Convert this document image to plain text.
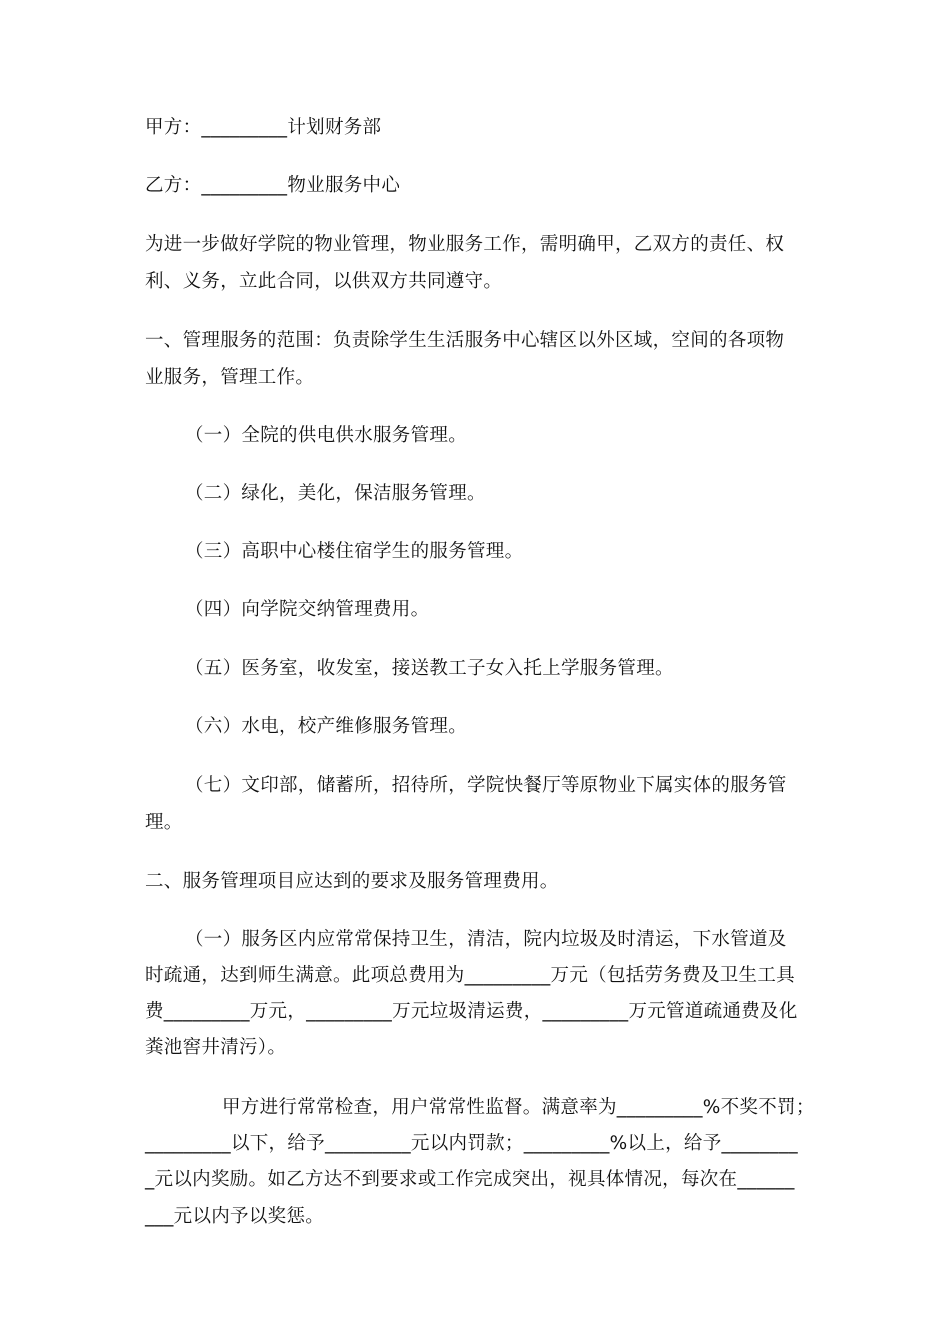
甲方：_________计划财务部
乙方：_________物业服务中心
为进一步做好学院的物业管理，物业服务工作，需明确甲，乙双方的责任、权
利、义务，立此合同，以供双方共同遵守。
一、管理服务的范围：负责除学生生活服务中心辖区以外区域，空间的各项物
业服务，管理工作。
（一）全院的供电供水服务管理。
（二）绿化，美化，保洁服务管理。
（三）高职中心楼住宿学生的服务管理。
（四）向学院交纳管理费用。
（五）医务室，收发室，接送教工子女入托上学服务管理。
（六）水电，校产维修服务管理。
（七）文印部，储蓄所，招待所，学院快餐厅等原物业下属实体的服务管
理。
二、服务管理项目应达到的要求及服务管理费用。
（一）服务区内应常常保持卫生，清洁，院内垃圾及时清运，下水管道及
时疏通，达到师生满意。此项总费用为_________万元（包括劳务费及卫生工具
费_________万元，_________万元垃圾清运费，_________万元管道疏通费及化
粪池窖井清污）。
甲方进行常常检查，用户常常性监督。满意率为_________%不奖不罚；
_________以下，给予_________元以内罚款；_________%以上，给予________
_元以内奖励。如乙方达不到要求或工作完成突出，视具体情况，每次在______
___元以内予以奖惩。
